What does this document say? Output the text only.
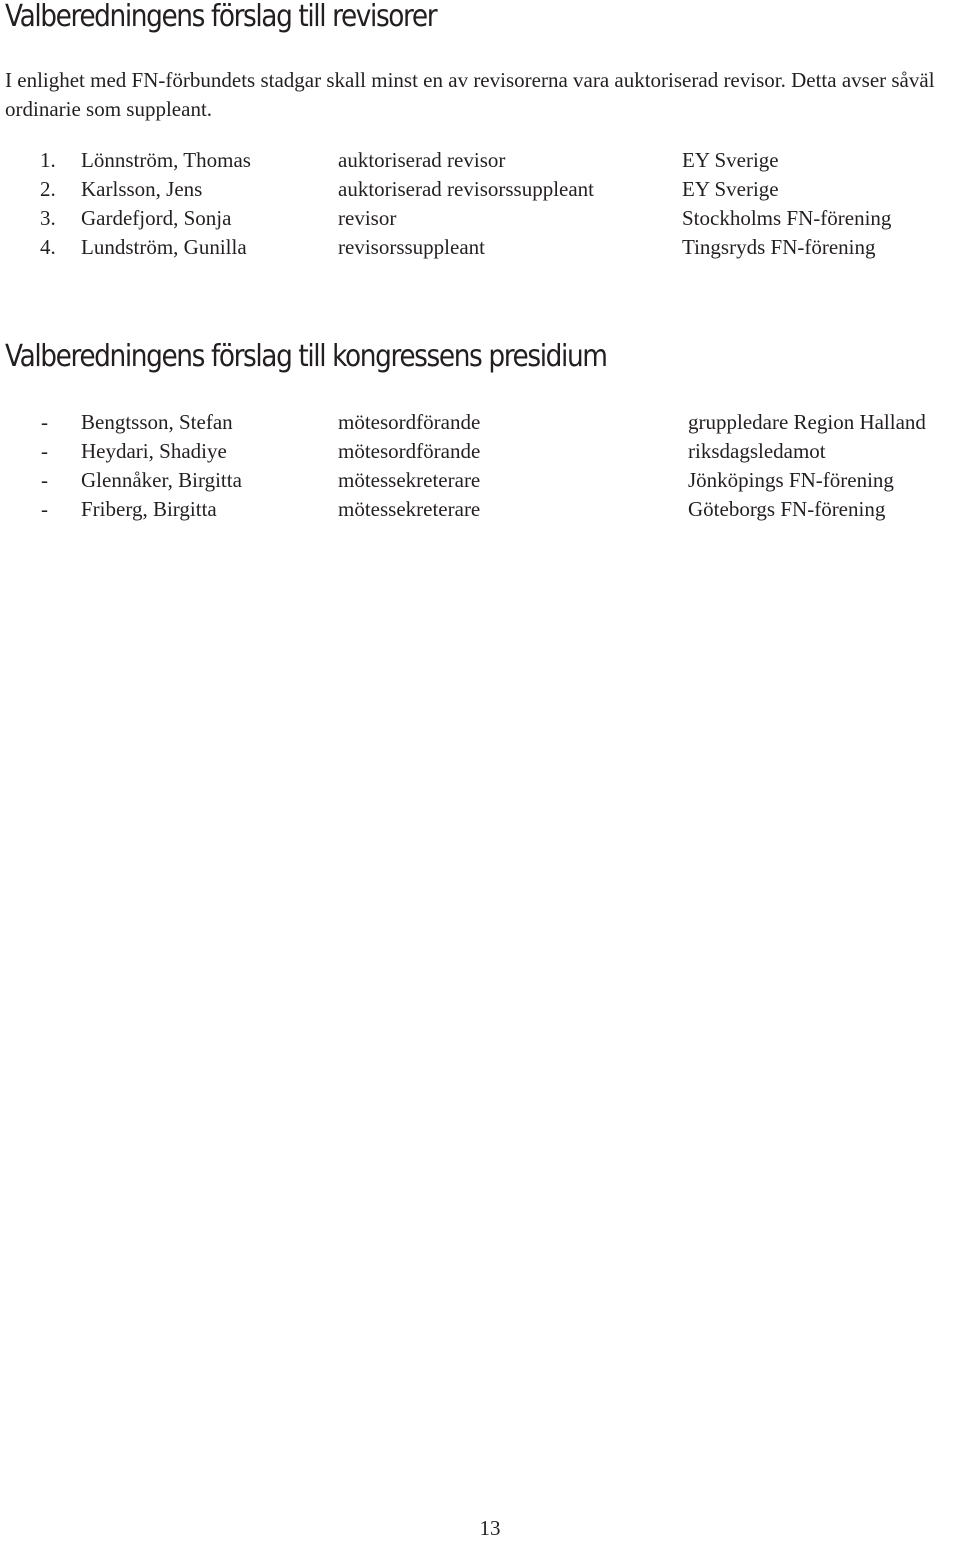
Valberedningens förslag till revisorer

I enlighet med FN-förbundets stadgar skall minst en av revisorerna vara auktoriserad revisor. Detta avser såväl ordinarie som suppleant.

1. Lönnström, Thomas	auktoriserad revisor	EY Sverige
2. Karlsson, Jens	auktoriserad revisorssuppleant	EY Sverige
3. Gardefjord, Sonja	revisor	Stockholms FN-förening
4. Lundström, Gunilla	revisorssuppleant	Tingsryds FN-förening
Valberedningens förslag till kongressens presidium
- Bengtsson, Stefan	mötesordförande	gruppledare Region Halland
- Heydari, Shadiye	mötesordförande	riksdagsledamot
- Glennåker, Birgitta	mötessekreterare	Jönköpings FN-förening
- Friberg, Birgitta	mötessekreterare	Göteborgs FN-förening
13
